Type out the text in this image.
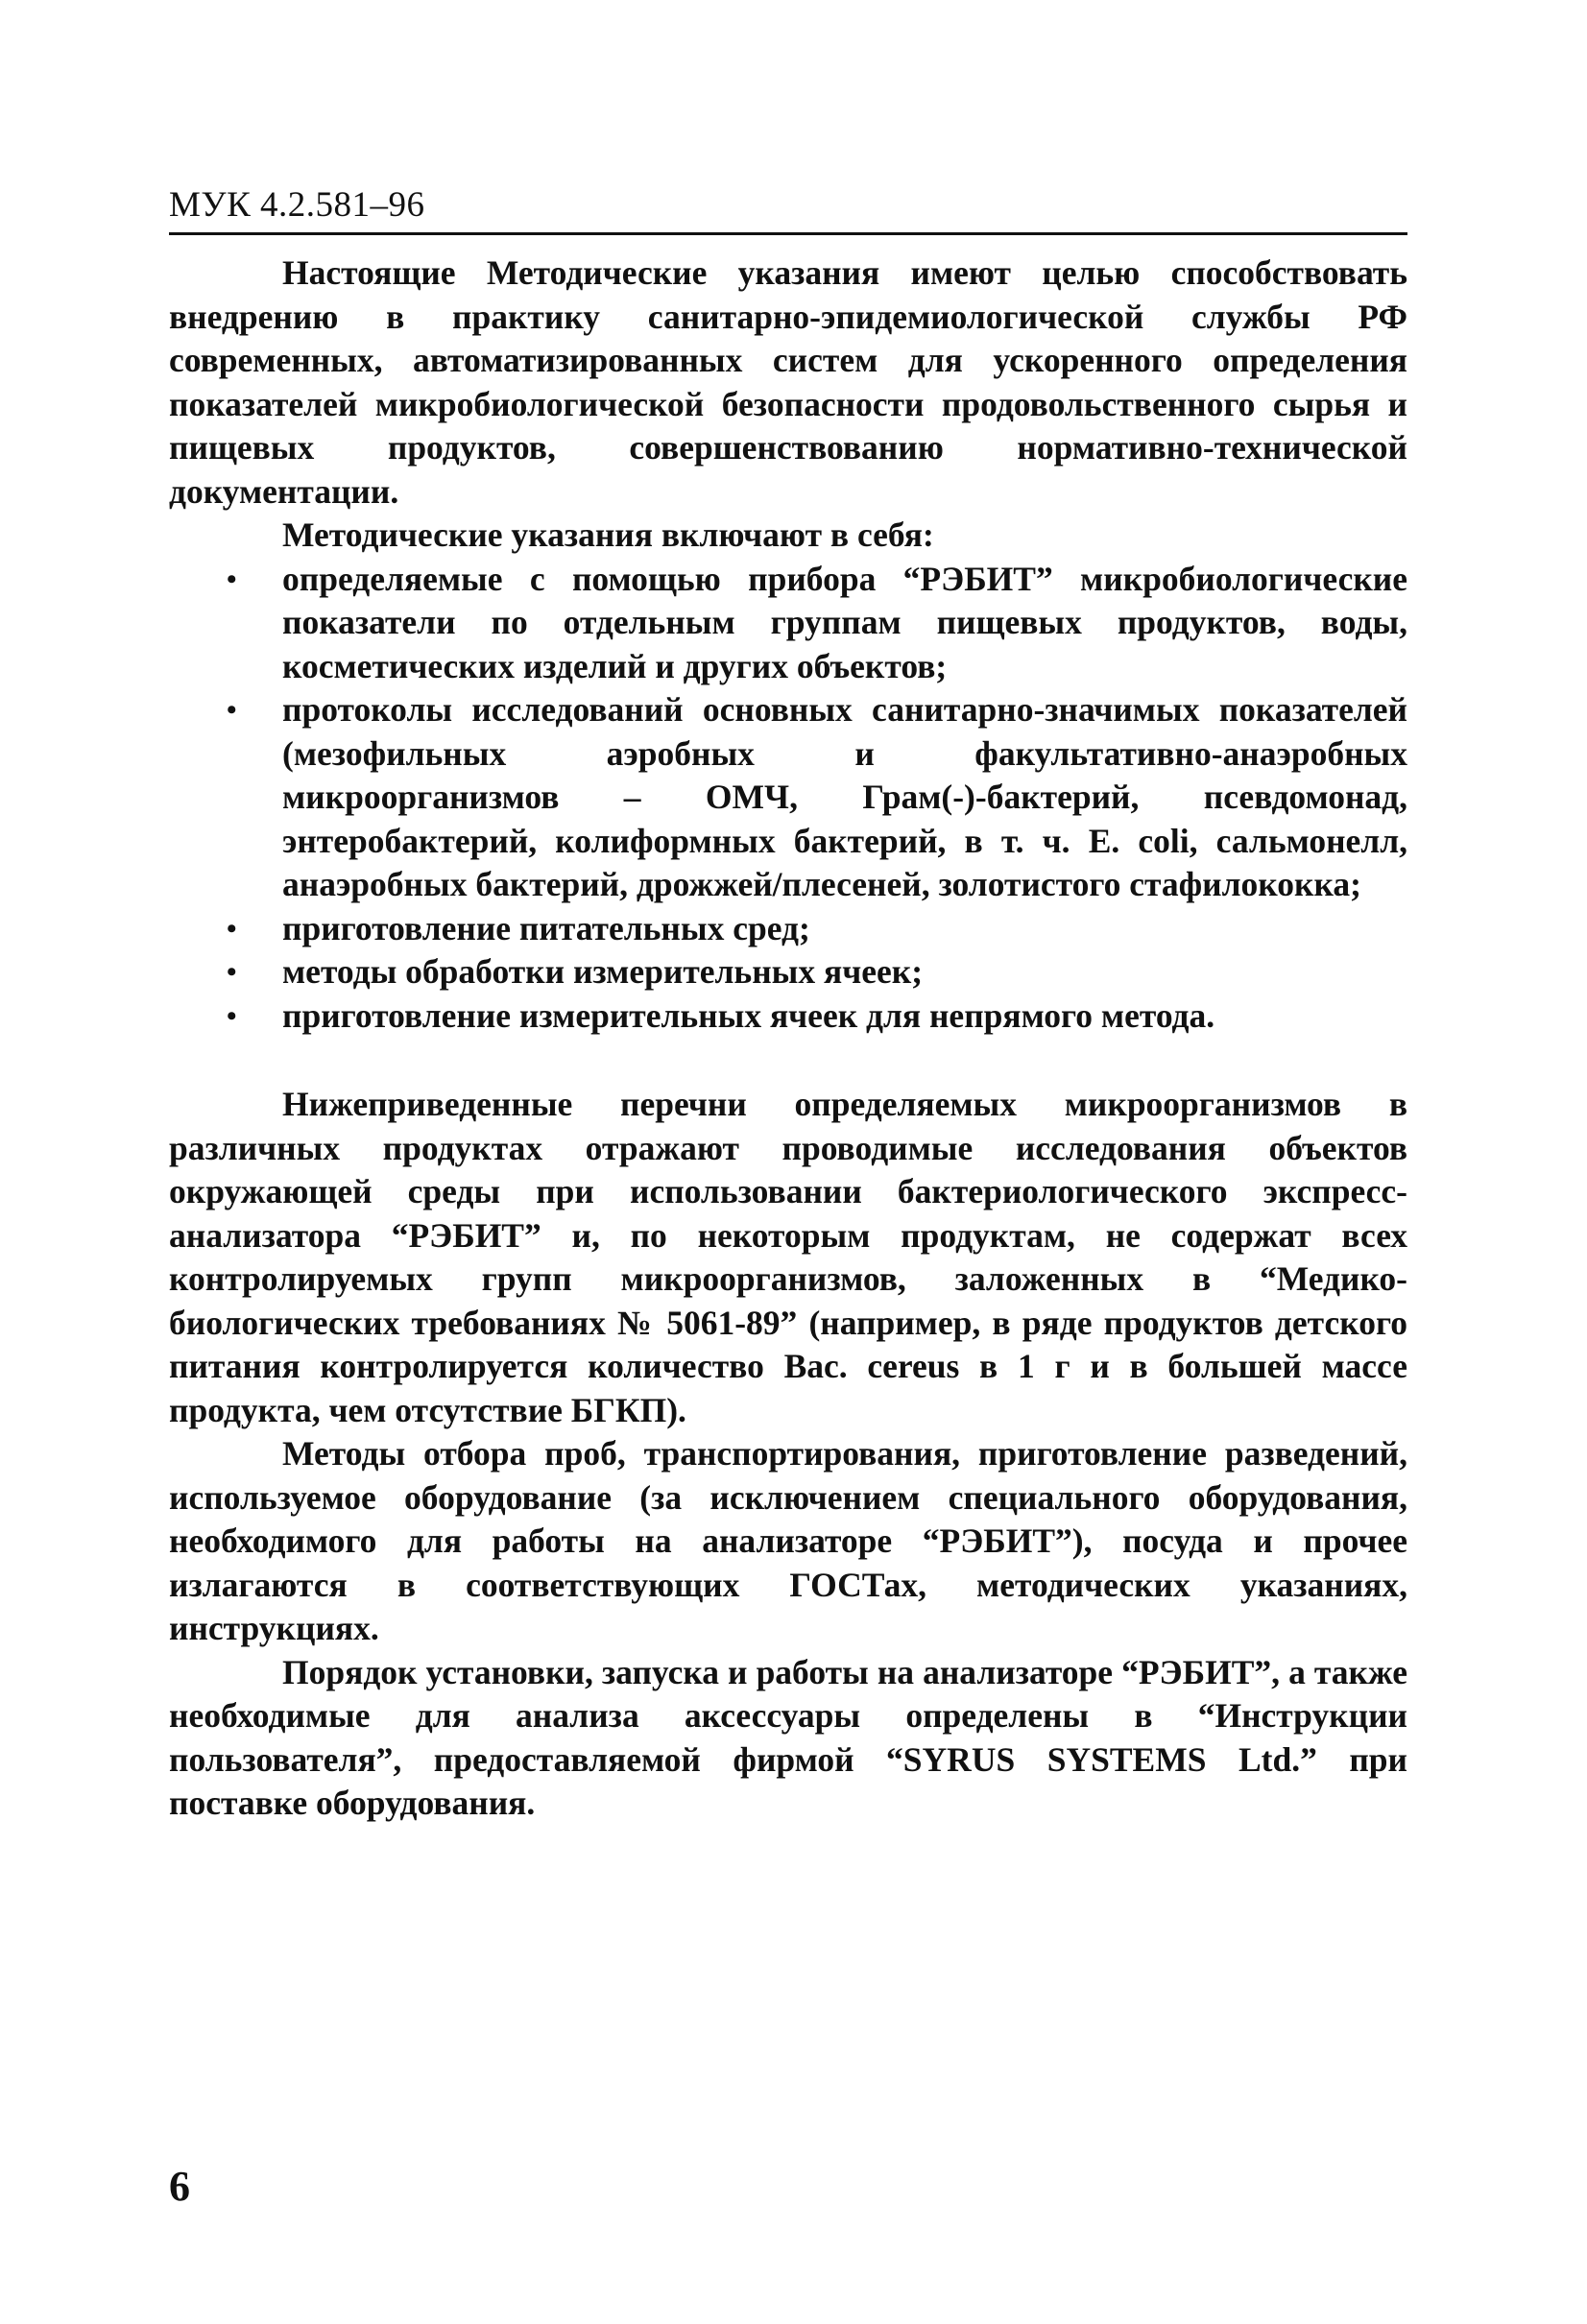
МУК 4.2.581–96

Настоящие Методические указания имеют целью способствовать внедрению в практику санитарно-эпидемиологической службы РФ современных, автоматизированных систем для ускоренного определения показателей микробиологической безопасности продовольственного сырья и пищевых продуктов, совершенствованию нормативно-технической документации.

Методические указания включают в себя:

• определяемые с помощью прибора “РЭБИТ” микробиологические показатели по отдельным группам пищевых продуктов, воды, косметических изделий и других объектов;
• протоколы исследований основных санитарно-значимых показателей (мезофильных аэробных и факультативно-анаэробных микроорганизмов – ОМЧ, Грам(-)-бактерий, псевдомонад, энтеробактерий, колиформных бактерий, в т. ч. E. coli, сальмонелл, анаэробных бактерий, дрожжей/плесеней, золотистого стафилококка;
• приготовление питательных сред;
• методы обработки измерительных ячеек;
• приготовление измерительных ячеек для непрямого метода.

Нижеприведенные перечни определяемых микроорганизмов в различных продуктах отражают проводимые исследования объектов окружающей среды при использовании бактериологического экспресс-анализатора “РЭБИТ” и, по некоторым продуктам, не содержат всех контролируемых групп микроорганизмов, заложенных в “Медико-биологических требованиях № 5061-89” (например, в ряде продуктов детского питания контролируется количество Bac. cereus в 1 г и в большей массе продукта, чем отсутствие БГКП).

Методы отбора проб, транспортирования, приготовление разведений, используемое оборудование (за исключением специального оборудования, необходимого для работы на анализаторе “РЭБИТ”), посуда и прочее излагаются в соответствующих ГОСТах, методических указаниях, инструкциях.

Порядок установки, запуска и работы на анализаторе “РЭБИТ”, а также необходимые для анализа аксессуары определены в “Инструкции пользователя”, предоставляемой фирмой “SYRUS SYSTEMS Ltd.” при поставке оборудования.

6
